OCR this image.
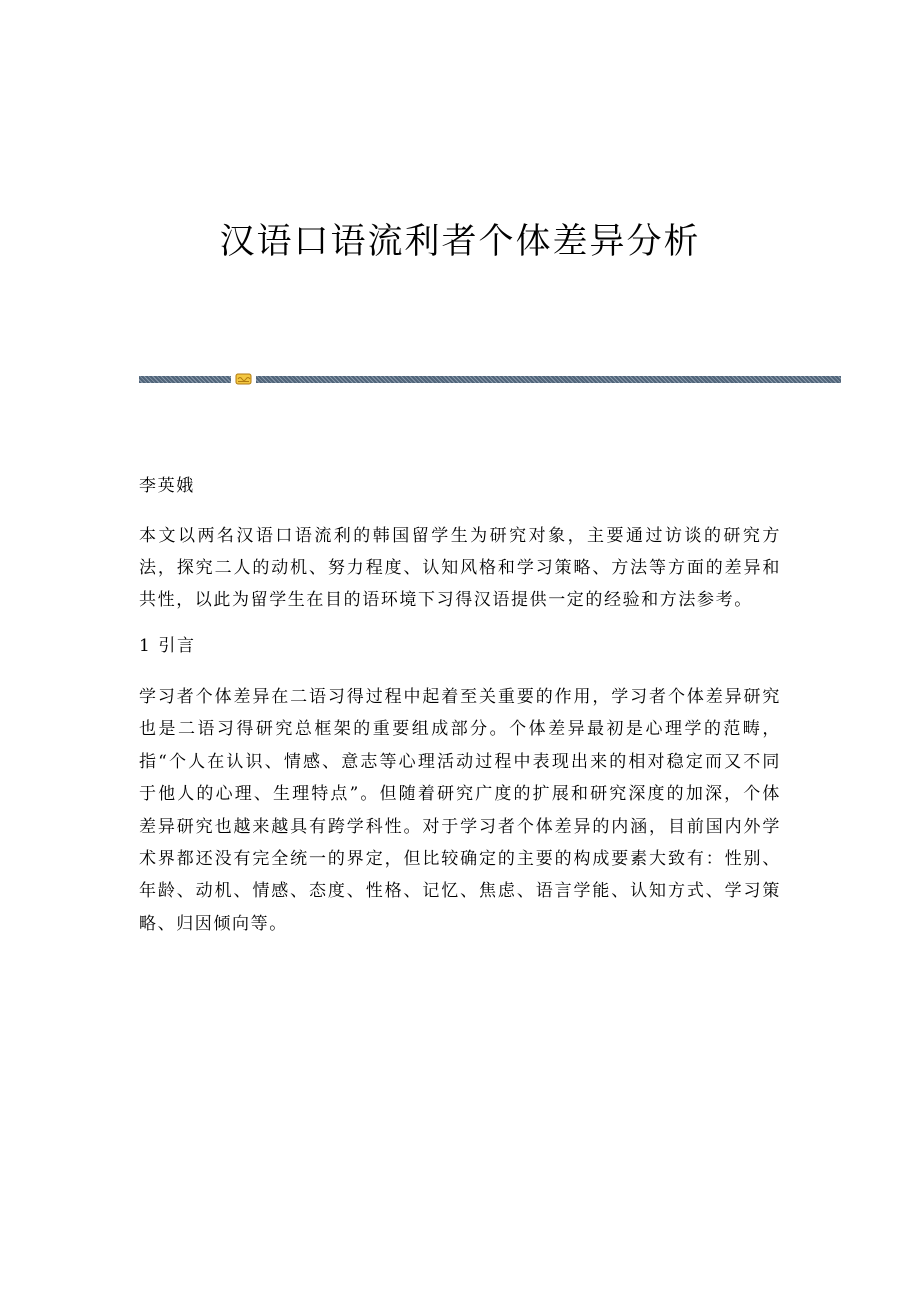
汉语口语流利者个体差异分析

李英娥

本文以两名汉语口语流利的韩国留学生为研究对象，主要通过访谈的研究方法，探究二人的动机、努力程度、认知风格和学习策略、方法等方面的差异和共性，以此为留学生在目的语环境下习得汉语提供一定的经验和方法参考。

1 引言

学习者个体差异在二语习得过程中起着至关重要的作用，学习者个体差异研究也是二语习得研究总框架的重要组成部分。个体差异最初是心理学的范畴，指“个人在认识、情感、意志等心理活动过程中表现出来的相对稳定而又不同于他人的心理、生理特点”。但随着研究广度的扩展和研究深度的加深，个体差异研究也越来越具有跨学科性。对于学习者个体差异的内涵，目前国内外学术界都还没有完全统一的界定，但比较确定的主要的构成要素大致有：性别、年龄、动机、情感、态度、性格、记忆、焦虑、语言学能、认知方式、学习策略、归因倾向等。
